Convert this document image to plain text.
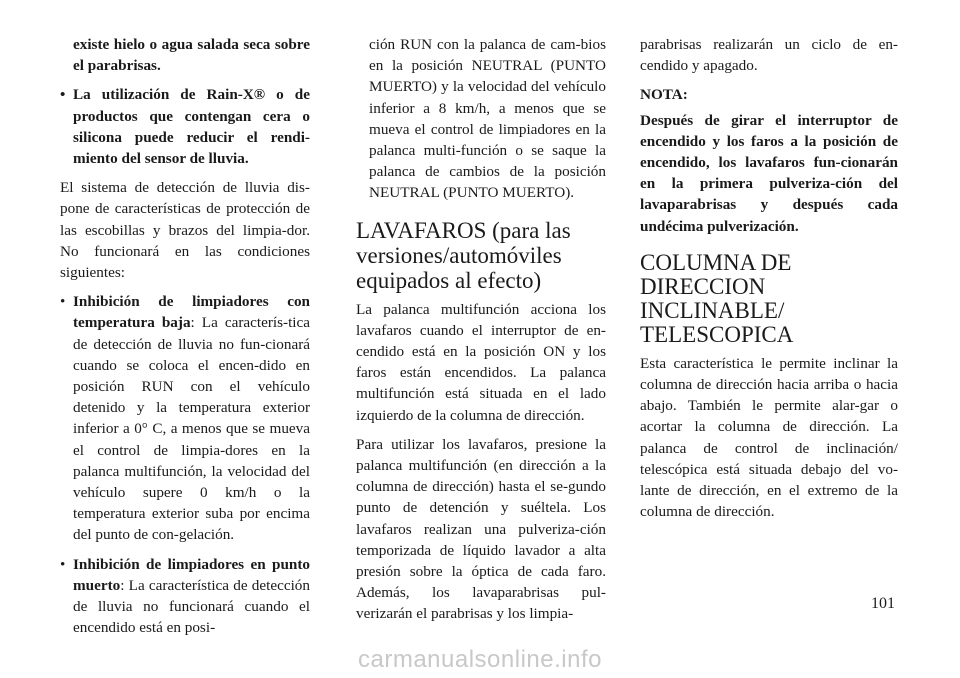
existe hielo o agua salada seca sobre el parabrisas.
• La utilización de Rain-X® o de productos que contengan cera o silicona puede reducir el rendi-miento del sensor de lluvia.

El sistema de detección de lluvia dis-pone de características de protección de las escobillas y brazos del limpia-dor. No funcionará en las condiciones siguientes:

• Inhibición de limpiadores con temperatura baja: La caracterís-tica de detección de lluvia no fun-cionará cuando se coloca el encen-dido en posición RUN con el vehículo detenido y la temperatura exterior inferior a 0° C, a menos que se mueva el control de limpia-dores en la palanca multifunción, la velocidad del vehículo supere 0 km/h o la temperatura exterior suba por encima del punto de con-gelación.
• Inhibición de limpiadores en punto muerto: La característica de detección de lluvia no funcionará cuando el encendido está en posi-
ción RUN con la palanca de cam-bios en la posición NEUTRAL (PUNTO MUERTO) y la velocidad del vehículo inferior a 8 km/h, a menos que se mueva el control de limpiadores en la palanca multi-función o se saque la palanca de cambios de la posición NEUTRAL (PUNTO MUERTO).
LAVAFAROS (para las versiones/automóviles equipados al efecto)

La palanca multifunción acciona los lavafaros cuando el interruptor de en-cendido está en la posición ON y los faros están encendidos. La palanca multifunción está situada en el lado izquierdo de la columna de dirección.

Para utilizar los lavafaros, presione la palanca multifunción (en dirección a la columna de dirección) hasta el se-gundo punto de detención y suéltela. Los lavafaros realizan una pulveriza-ción temporizada de líquido lavador a alta presión sobre la óptica de cada faro. Además, los lavaparabrisas pul-verizarán el parabrisas y los limpia-

parabrisas realizarán un ciclo de en-cendido y apagado.

NOTA:

Después de girar el interruptor de encendido y los faros a la posición de encendido, los lavafaros fun-cionarán en la primera pulveriza-ción del lavaparabrisas y después cada undécima pulverización.

COLUMNA DE DIRECCION INCLINABLE/ TELESCOPICA

Esta característica le permite inclinar la columna de dirección hacia arriba o hacia abajo. También le permite alar-gar o acortar la columna de dirección. La palanca de control de inclinación/ telescópica está situada debajo del vo-lante de dirección, en el extremo de la columna de dirección.

101
carmanualsonline.info
